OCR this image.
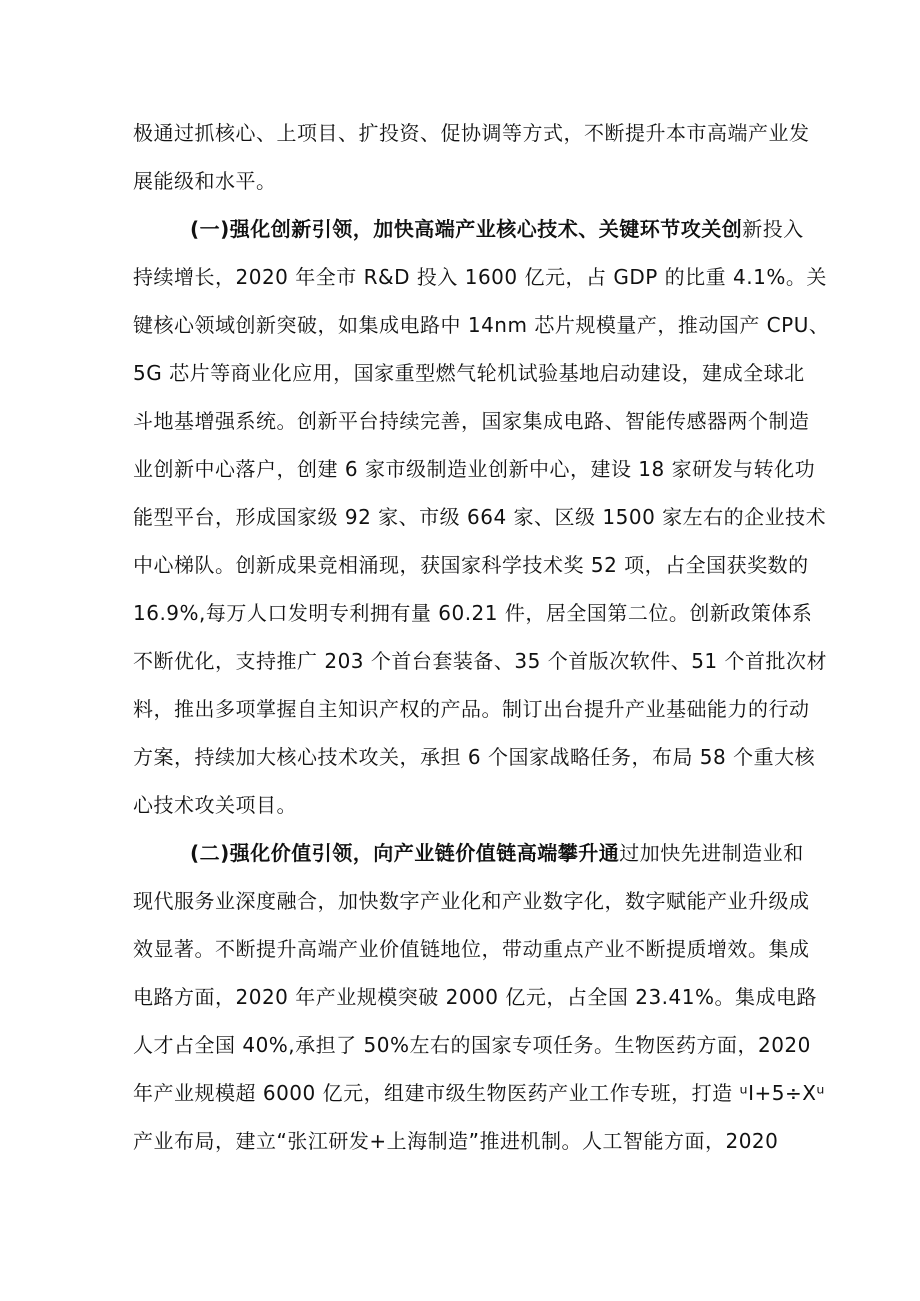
极通过抓核心、上项目、扩投资、促协调等方式，不断提升本市高端产业发
展能级和水平。
(一)强化创新引领，加快高端产业核心技术、关键环节攻关创新投入
持续增长，2020 年全市 R&D 投入 1600 亿元，占 GDP 的比重 4.1%。关
键核心领域创新突破，如集成电路中 14nm 芯片规模量产，推动国产 CPU、
5G 芯片等商业化应用，国家重型燃气轮机试验基地启动建设，建成全球北
斗地基增强系统。创新平台持续完善，国家集成电路、智能传感器两个制造
业创新中心落户，创建 6 家市级制造业创新中心，建设 18 家研发与转化功
能型平台，形成国家级 92 家、市级 664 家、区级 1500 家左右的企业技术
中心梯队。创新成果竞相涌现，获国家科学技术奖 52 项，占全国获奖数的
16.9%,每万人口发明专利拥有量 60.21 件，居全国第二位。创新政策体系
不断优化，支持推广 203 个首台套装备、35 个首版次软件、51 个首批次材
料，推出多项掌握自主知识产权的产品。制订出台提升产业基础能力的行动
方案，持续加大核心技术攻关，承担 6 个国家战略任务，布局 58 个重大核
心技术攻关项目。
(二)强化价值引领，向产业链价值链高端攀升通过加快先进制造业和
现代服务业深度融合，加快数字产业化和产业数字化，数字赋能产业升级成
效显著。不断提升高端产业价值链地位，带动重点产业不断提质增效。集成
电路方面，2020 年产业规模突破 2000 亿元，占全国 23.41%。集成电路
人才占全国 40%,承担了 50%左右的国家专项任务。生物医药方面，2020
年产业规模超 6000 亿元，组建市级生物医药产业工作专班，打造 ᵘI+5÷Xᵘ
产业布局，建立“张江研发+上海制造”推进机制。人工智能方面，2020
